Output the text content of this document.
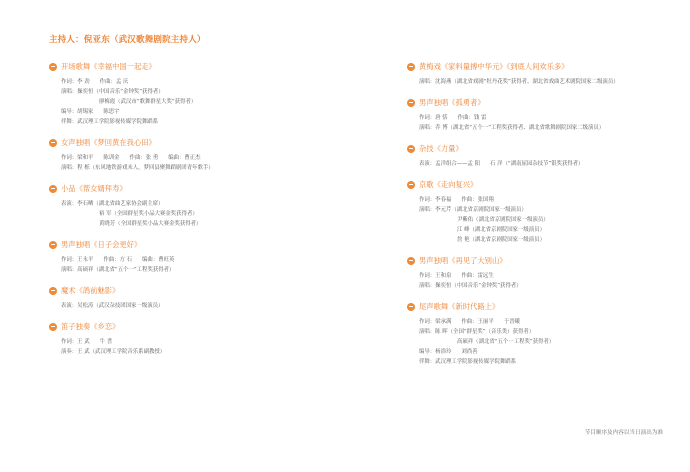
主持人：倪亚东（武汉歌舞剧院主持人）
开场歌舞《幸福中国一起走》
作词：李 劲 作曲：孟 庆
演唱：操奕恒（中国音乐“金钟奖”获得者）
廖梅霞（武汉市“歌舞群星大奖”获得者）
编导：胡锡家 陈思宇
伴舞：武汉理工学院影视传媒学院舞蹈系
女声独唱《梦回黄在我心田》
作词：梁和平 陈训金 作曲：张 勇 编曲：曹正杰
演唱：程 栎（东风地铁游戏未人，梦回县聚舞蹈剧团青年歌手）
小品《帮女婿拜寿》
表演：李石晒（湖北省曲艺家协会副主席）
裕 军（全国群星奖小品大赛金奖获得者）
黄晓芳（全国群星奖小品大赛金奖获得者）
男声独唱《日子会更好》
作词：王永平 作曲：方 石 编曲：曹旺英
演唱：高硕祥（湖北省“五个一”工程奖获得者）
魔术《鸽前魅影》
表演：吴松涛（武汉杂技团国家一级演员）
笛子独奏《乡恋》
作词：王 武 牛 耆
演奏：王 武（武汉理工学院音乐系副教授）
黄梅戏《家料量搏中华元》《到底人间欢乐多》
演唱：沈海燕（湖北省戏剧“牡丹花奖”获得者、湖北省戏曲艺术剧院国家二级演员）
男声独唱《孤勇者》
作词：唐 恬 作曲：钱 雷
演唱：乔 博（湖北省“五个一”工程奖获得者、湖北省歌舞剧院国家二级演员）
杂技《力量》
表演：孟洋组合——孟 阳 石 洋（“湖南屈园杂技节”银奖获得者）
京歌《走向复兴》
作词：李春福 作曲：张国翔
演唱：李元芹（湖北省京剧院国家一级演员）
尹紫佑（湖北省京剧院国家一级演员）
江 峰（湖北省京剧院国家一级演员）
詹 艳（湖北省京剧院国家一级演员）
男声独唱《再见了大别山》
作词：王和泉 作曲：雷远生
演唱：操奕恒（中国音乐“金钟奖”获得者）
尾声歌舞《新时代路上》
作词：梁承满 作曲：王丽平 于晋曦
演唱：陈 晖（全国“群星奖”（音乐类）获得者）
高硕祥（湖北省“五个一工程奖”获得者）
编导：杨浴玲 刘尚善
伴舞：武汉理工学院影视传媒学院舞蹈系
节目顺序及内容以当日演出为准
